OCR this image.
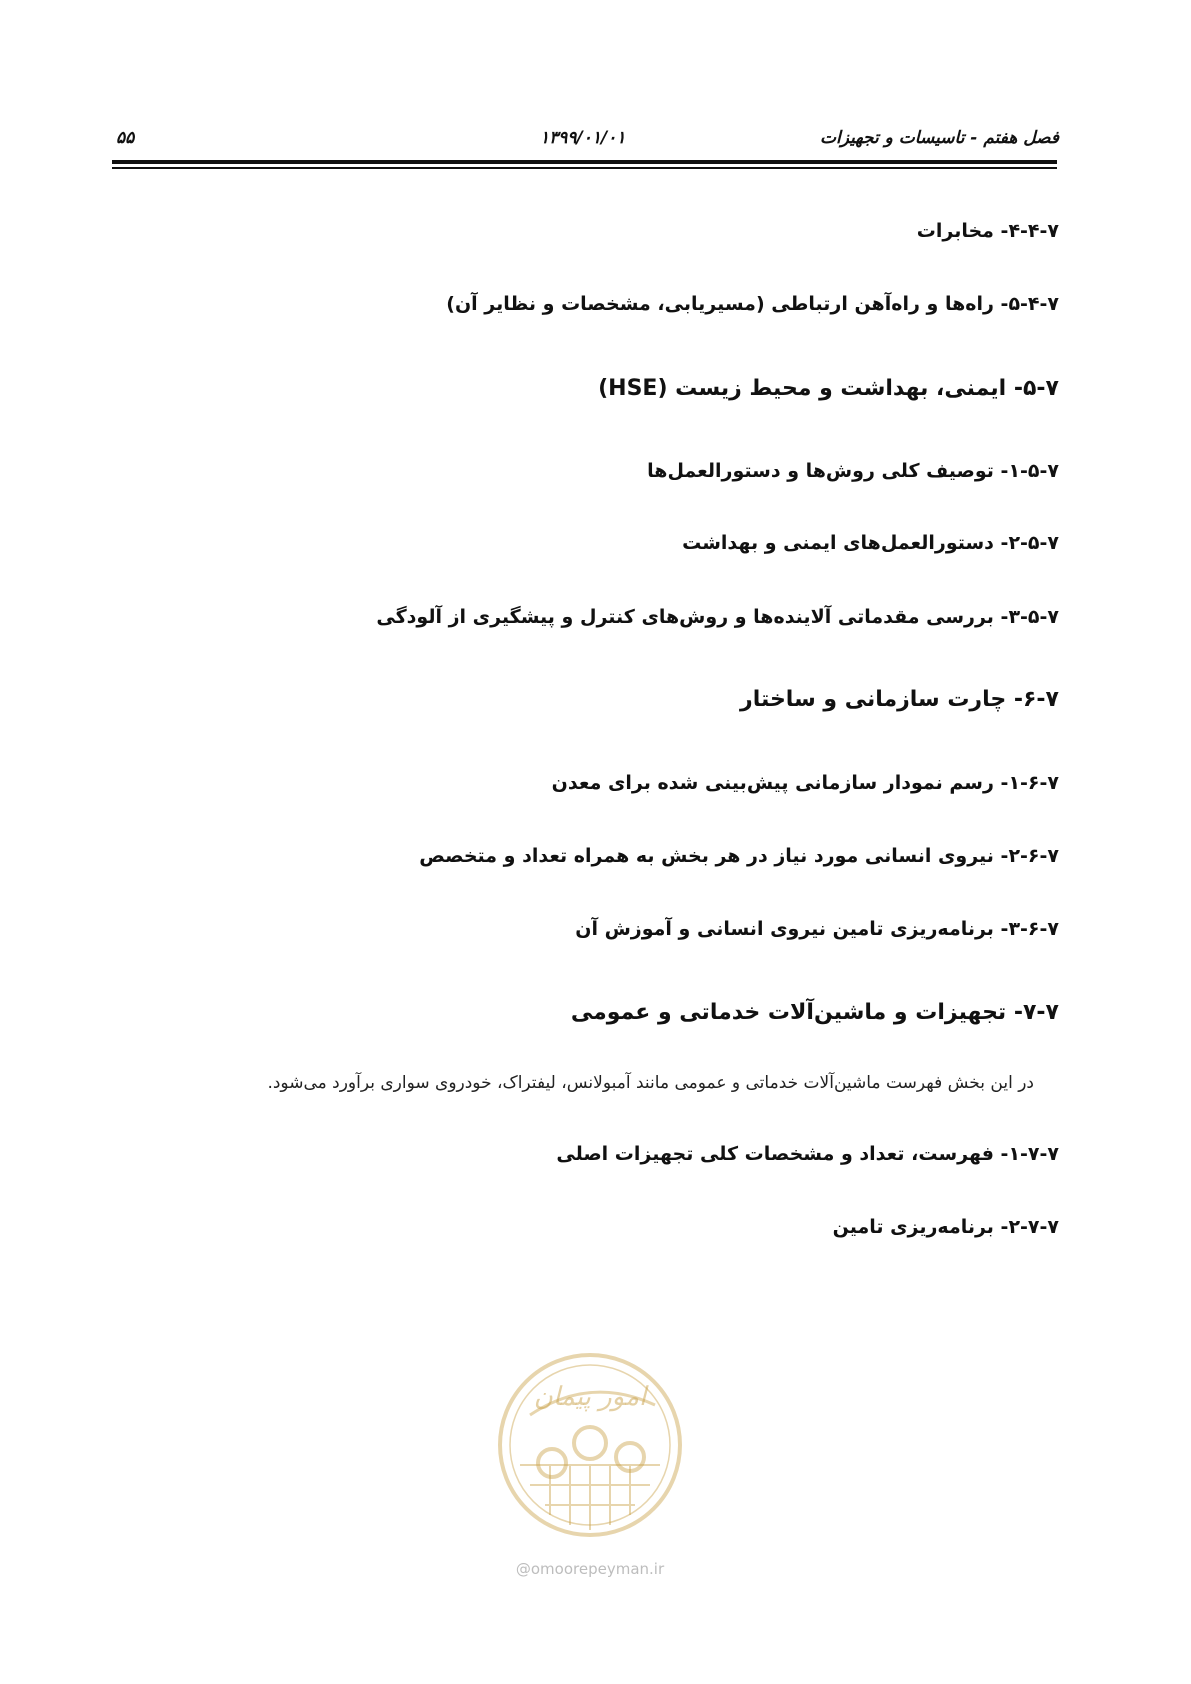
فصل هفتم - تاسیسات و تجهیزات
۱۳۹۹/۰۱/۰۱
۵۵
۴-۴-۷- مخابرات
۵-۴-۷- راه‌ها و راه‌آهن ارتباطی (مسیریابی، مشخصات و نظایر آن)
۵-۷- ایمنی، بهداشت و محیط زیست (HSE)
۱-۵-۷- توصیف کلی روش‌ها و دستورالعمل‌ها
۲-۵-۷- دستورالعمل‌های ایمنی و بهداشت
۳-۵-۷- بررسی مقدماتی آلاینده‌ها و روش‌های کنترل و پیشگیری از آلودگی
۶-۷- چارت سازمانی و ساختار
۱-۶-۷- رسم نمودار سازمانی پیش‌بینی شده برای معدن
۲-۶-۷- نیروی انسانی مورد نیاز در هر بخش به همراه تعداد و متخصص
۳-۶-۷- برنامه‌ریزی تامین نیروی انسانی و آموزش آن
۷-۷- تجهیزات و ماشین‌آلات خدماتی و عمومی
در این بخش فهرست ماشین‌آلات خدماتی و عمومی مانند آمبولانس، لیفتراک، خودروی سواری برآورد می‌شود.
۱-۷-۷- فهرست، تعداد و مشخصات کلی تجهیزات اصلی
۲-۷-۷- برنامه‌ریزی تامین
امور پیمان
@omoorepeyman.ir
